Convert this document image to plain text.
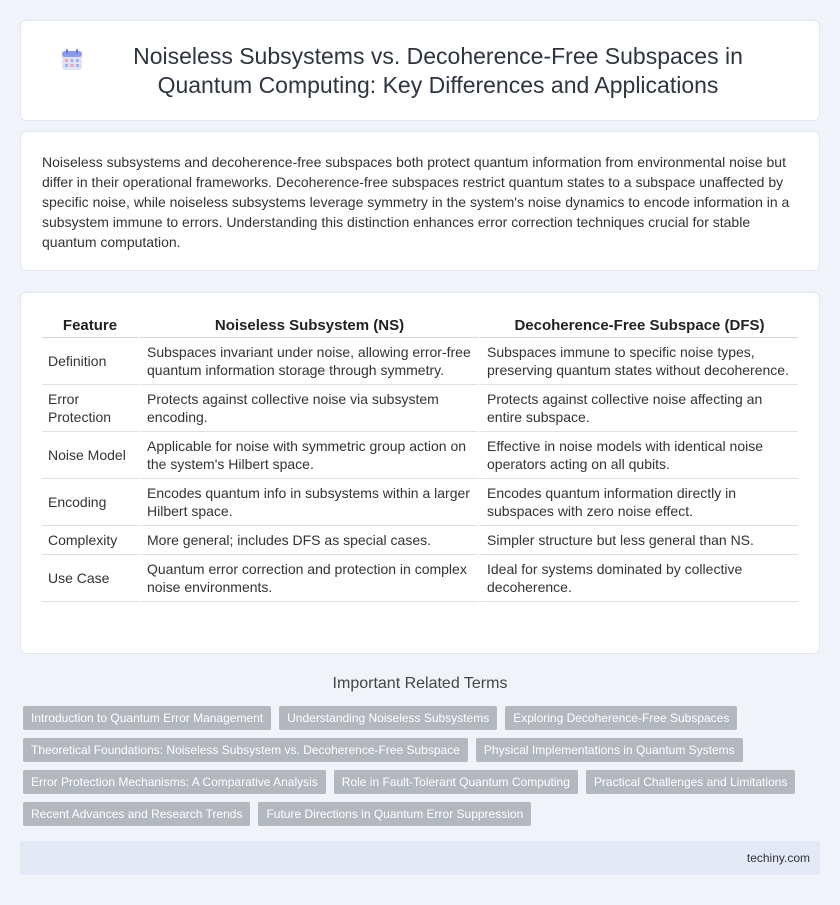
Noiseless Subsystems vs. Decoherence-Free Subspaces in Quantum Computing: Key Differences and Applications

Noiseless subsystems and decoherence-free subspaces both protect quantum information from environmental noise but differ in their operational frameworks. Decoherence-free subspaces restrict quantum states to a subspace unaffected by specific noise, while noiseless subsystems leverage symmetry in the system's noise dynamics to encode information in a subsystem immune to errors. Understanding this distinction enhances error correction techniques crucial for stable quantum computation.

Feature	Noiseless Subsystem (NS)	Decoherence-Free Subspace (DFS)
Definition	Subspaces invariant under noise, allowing error-free quantum information storage through symmetry.	Subspaces immune to specific noise types, preserving quantum states without decoherence.
Error Protection	Protects against collective noise via subsystem encoding.	Protects against collective noise affecting an entire subspace.
Noise Model	Applicable for noise with symmetric group action on the system's Hilbert space.	Effective in noise models with identical noise operators acting on all qubits.
Encoding	Encodes quantum info in subsystems within a larger Hilbert space.	Encodes quantum information directly in subspaces with zero noise effect.
Complexity	More general; includes DFS as special cases.	Simpler structure but less general than NS.
Use Case	Quantum error correction and protection in complex noise environments.	Ideal for systems dominated by collective decoherence.
Important Related Terms
Introduction to Quantum Error Management	Understanding Noiseless Subsystems	Exploring Decoherence-Free Subspaces
Theoretical Foundations: Noiseless Subsystem vs. Decoherence-Free Subspace	Physical Implementations in Quantum Systems
Error Protection Mechanisms: A Comparative Analysis	Role in Fault-Tolerant Quantum Computing	Practical Challenges and Limitations
Recent Advances and Research Trends	Future Directions in Quantum Error Suppression
techiny.com
